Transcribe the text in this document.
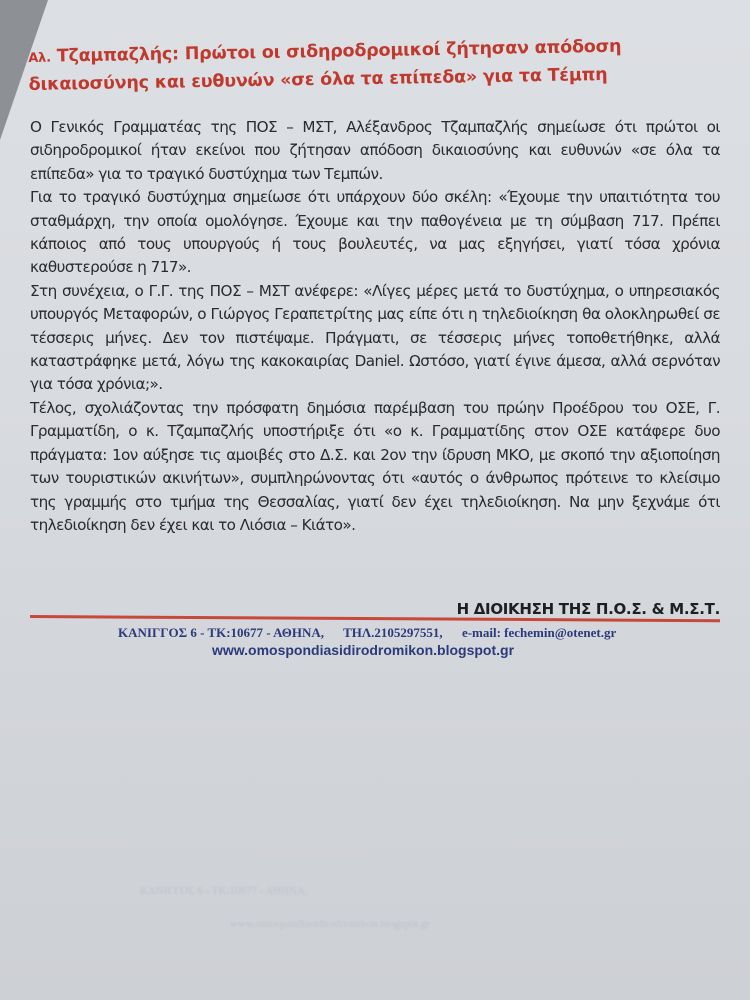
Αλ. Τζαμπαζλής: Πρώτοι οι σιδηροδρομικοί ζήτησαν απόδοση δικαιοσύνης και ευθυνών «σε όλα τα επίπεδα» για τα Τέμπη

Ο Γενικός Γραμματέας της ΠΟΣ – ΜΣΤ, Αλέξανδρος Τζαμπαζλής σημείωσε ότι πρώτοι οι σιδηροδρομικοί ήταν εκείνοι που ζήτησαν απόδοση δικαιοσύνης και ευθυνών «σε όλα τα επίπεδα» για το τραγικό δυστύχημα των Τεμπών.

Για το τραγικό δυστύχημα σημείωσε ότι υπάρχουν δύο σκέλη: «Έχουμε την υπαιτιότητα του σταθμάρχη, την οποία ομολόγησε. Έχουμε και την παθογένεια με τη σύμβαση 717. Πρέπει κάποιος από τους υπουργούς ή τους βουλευτές, να μας εξηγήσει, γιατί τόσα χρόνια καθυστερούσε η 717».

Στη συνέχεια, ο Γ.Γ. της ΠΟΣ – ΜΣΤ ανέφερε: «Λίγες μέρες μετά το δυστύχημα, ο υπηρεσιακός υπουργός Μεταφορών, ο Γιώργος Γεραπετρίτης μας είπε ότι η τηλεδιοίκηση θα ολοκληρωθεί σε τέσσερις μήνες. Δεν τον πιστέψαμε. Πράγματι, σε τέσσερις μήνες τοποθετήθηκε, αλλά καταστράφηκε μετά, λόγω της κακοκαιρίας Daniel. Ωστόσο, γιατί έγινε άμεσα, αλλά σερνόταν για τόσα χρόνια;».

Τέλος, σχολιάζοντας την πρόσφατη δημόσια παρέμβαση του πρώην Προέδρου του ΟΣΕ, Γ. Γραμματίδη, ο κ. Τζαμπαζλής υποστήριξε ότι «ο κ. Γραμματίδης στον ΟΣΕ κατάφερε δυο πράγματα: 1ον αύξησε τις αμοιβές στο Δ.Σ. και 2ον την ίδρυση ΜΚΟ, με σκοπό την αξιοποίηση των τουριστικών ακινήτων», συμπληρώνοντας ότι «αυτός ο άνθρωπος πρότεινε το κλείσιμο της γραμμής στο τμήμα της Θεσσαλίας, γιατί δεν έχει τηλεδιοίκηση. Να μην ξεχνάμε ότι τηλεδιοίκηση δεν έχει και το Λιόσια – Κιάτο».

Η ΔΙΟΙΚΗΣΗ ΤΗΣ Π.Ο.Σ. & Μ.Σ.Τ.
ΚΑΝΙΓΓΟΣ 6 - ΤΚ:10677 - ΑΘΗΝΑ, ΤΗΛ.2105297551, e-mail: fechemin@otenet.gr
www.omospondiasidirodromikon.blogspot.gr
ΚΑΝΙΓΓΟΣ 6 - ΤΚ:10677 - ΑΘΗΝΑ,
www.omospondiasidirodromikon.blogspot.gr
